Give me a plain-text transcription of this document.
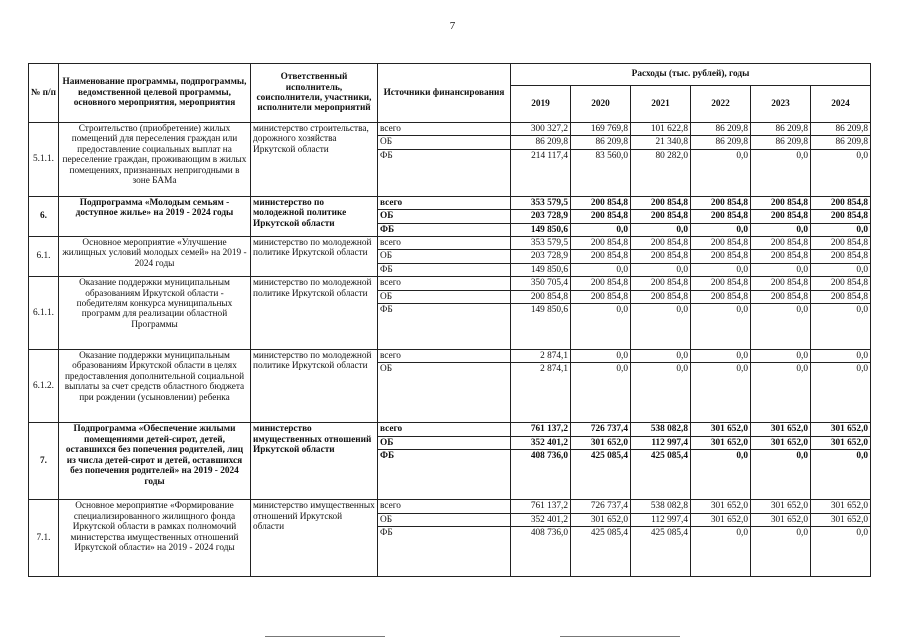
7
№ п/п	Наименование программы, подпрограммы, ведомственной целевой программы, основного мероприятия, мероприятия	Ответственный исполнитель, соисполнители, участники, исполнители мероприятий	Источники финансирования	Расходы (тыс. рублей), годы					
				2019	2020	2021	2022	2023	2024
5.1.1.	Строительство (приобретение) жилых помещений для переселения граждан или предоставление социальных выплат на переселение граждан, проживающим в жилых помещениях, признанных непригодными в зоне БАМа	министерство строительства, дорожного хозяйства Иркутской области	всего	300 327,2	169 769,8	101 622,8	86 209,8	86 209,8	86 209,8
			ОБ	86 209,8	86 209,8	21 340,8	86 209,8	86 209,8	86 209,8
			ФБ	214 117,4	83 560,0	80 282,0	0,0	0,0	0,0
6.	Подпрограмма «Молодым семьям - доступное жилье» на 2019 - 2024 годы	министерство по молодежной политике Иркутской области	всего	353 579,5	200 854,8	200 854,8	200 854,8	200 854,8	200 854,8
			ОБ	203 728,9	200 854,8	200 854,8	200 854,8	200 854,8	200 854,8
			ФБ	149 850,6	0,0	0,0	0,0	0,0	0,0
6.1.	Основное мероприятие «Улучшение жилищных условий молодых семей» на 2019 - 2024 годы	министерство по молодежной политике Иркутской области	всего	353 579,5	200 854,8	200 854,8	200 854,8	200 854,8	200 854,8
			ОБ	203 728,9	200 854,8	200 854,8	200 854,8	200 854,8	200 854,8
			ФБ	149 850,6	0,0	0,0	0,0	0,0	0,0
6.1.1.	Оказание поддержки муниципальным образованиям Иркутской области - победителям конкурса муниципальных программ для реализации областной Программы	министерство по молодежной политике Иркутской области	всего	350 705,4	200 854,8	200 854,8	200 854,8	200 854,8	200 854,8
			ОБ	200 854,8	200 854,8	200 854,8	200 854,8	200 854,8	200 854,8
			ФБ	149 850,6	0,0	0,0	0,0	0,0	0,0
6.1.2.	Оказание поддержки муниципальным образованиям Иркутской области в целях предоставления дополнительной социальной выплаты за счет средств областного бюджета при рождении (усыновлении) ребенка	министерство по молодежной политике Иркутской области	всего	2 874,1	0,0	0,0	0,0	0,0	0,0
			ОБ	2 874,1	0,0	0,0	0,0	0,0	0,0
7.	Подпрограмма «Обеспечение жилыми помещениями детей-сирот, детей, оставшихся без попечения родителей, лиц из числа детей-сирот и детей, оставшихся без попечения родителей» на 2019 - 2024 годы	министерство имущественных отношений Иркутской области	всего	761 137,2	726 737,4	538 082,8	301 652,0	301 652,0	301 652,0
			ОБ	352 401,2	301 652,0	112 997,4	301 652,0	301 652,0	301 652,0
			ФБ	408 736,0	425 085,4	425 085,4	0,0	0,0	0,0
7.1.	Основное мероприятие «Формирование специализированного жилищного фонда Иркутской области в рамках полномочий министерства имущественных отношений Иркутской области» на 2019 - 2024 годы	министерство имущественных отношений Иркутской области	всего	761 137,2	726 737,4	538 082,8	301 652,0	301 652,0	301 652,0
			ОБ	352 401,2	301 652,0	112 997,4	301 652,0	301 652,0	301 652,0
			ФБ	408 736,0	425 085,4	425 085,4	0,0	0,0	0,0
